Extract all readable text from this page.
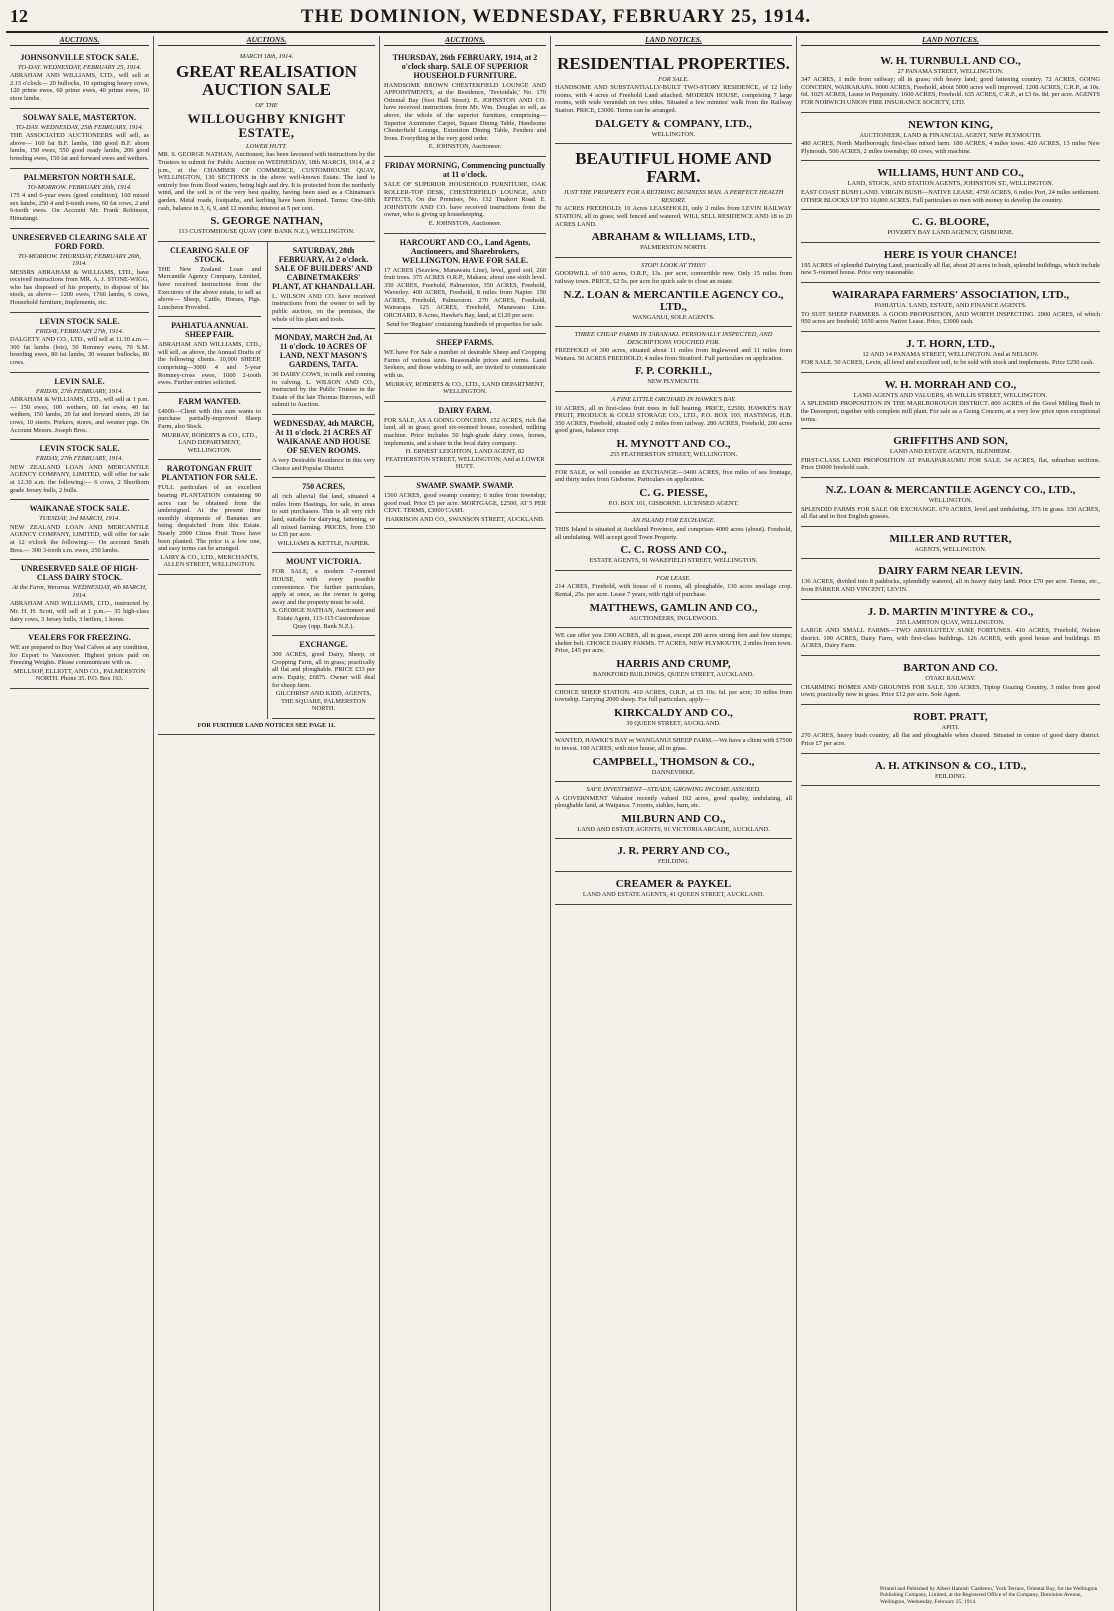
12	THE DOMINION, WEDNESDAY, FEBRUARY 25, 1914.
AUCTIONS.
JOHNSONVILLE STOCK SALE.
TO-DAY. WEDNESDAY, FEBRUARY 25, 1914.

ABRAHAM AND WILLIAMS, LTD., will sell at 2.15 o'clock— 20 bullocks, 10 springing heavy cows, 120 prime ewes, 60 prime ewes, 40 prime ewes, 10 store lambs.

SOLWAY SALE, MASTERTON.
TO-DAY. WEDNESDAY, 25th FEBRUARY, 1914.

THE ASSOCIATED AUCTIONEERS will sell, as above— 160 fat B.F. lambs, 180 good B.F. shorn lambs, 150 ewes, 550 good ready lambs, 200 good breeding ewes, 150 fat and forward ewes and wethers.

PALMERSTON NORTH SALE.
TO-MORROW. FEBRUARY 26th, 1914.

175 4 and 6-year ewes (good condition), 160 mixed sex lambs, 250 4 and 6-tooth ewes, 60 fat cows, 2 and 6-tooth ewes. On Account Mr. Frank Robinson, Himatangi.

UNRESERVED CLEARING SALE AT FORD FORD.
TO-MORROW. THURSDAY, FEBRUARY 26th, 1914.

MESSRS ABRAHAM & WILLIAMS, LTD., have received instructions from MR. A. J. STONE-WIGG, who has disposed of his property, to dispose of his stock, as above— 1200 ewes, 1760 lambs, 6 cows, Household furniture, Implements, etc.

LEVIN STOCK SALE.
FRIDAY, FEBRUARY 27th, 1914.

DALGETY AND CO., LTD., will sell at 11.30 a.m.— 300 fat lambs (lots), 50 Romney ewes, 70 S.M. breeding ewes, 80 fat lambs, 30 weaner bullocks, 80 cows.

LEVIN SALE.
FRIDAY, 27th FEBRUARY, 1914.

ABRAHAM & WILLIAMS, LTD., will sell at 1 p.m.— 150 ewes, 100 wethers, 60 fat ewes, 40 fat wethers, 150 lambs, 20 fat and forward steers, 20 fat cows, 10 steers. Porkers, stores, and weaner pigs. On Account Messrs. Joseph Bros.

LEVIN STOCK SALE.
FRIDAY, 27th FEBRUARY, 1914.

NEW ZEALAND LOAN AND MERCANTILE AGENCY COMPANY, LIMITED, will offer for sale at 12.30 a.m. the following:— 6 cows, 2 Shorthorn grade Jersey bulls, 2 bulls.

WAIKANAE STOCK SALE.
TUESDAY, 3rd MARCH, 1914.

NEW ZEALAND LOAN AND MERCANTILE AGENCY COMPANY, LIMITED, will offer for sale at 12 o'clock the following:— On account Smith Bros.— 300 3-tooth s.m. ewes, 250 lambs.

UNRESERVED SALE OF HIGH-CLASS DAIRY STOCK.
At the Farm, Weraroa. WEDNESDAY, 4th MARCH, 1914.

ABRAHAM AND WILLIAMS, LTD., instructed by Mr. H. H. Scott, will sell at 1 p.m.— 35 high-class dairy cows, 3 Jersey bulls, 3 heifers, 1 horse.

VEALERS FOR FREEZING.

WE are prepared to Buy Veal Calves at any condition, for Export to Vancouver. Highest prices paid on Freezing Weights. Please communicate with us.

MELLSOP, ELLIOTT, AND CO., PALMERSTON NORTH. Phone 35. P.O. Box 163.
AUCTIONS.
MARCH 18th, 1914.
GREAT REALISATION AUCTION SALE
OF THE
WILLOUGHBY KNIGHT ESTATE,
LOWER HUTT.

MR. S. GEORGE NATHAN, Auctioneer, has been favoured with instructions by the Trustees to submit for Public Auction on WEDNESDAY, 18th MARCH, 1914, at 2 p.m., at the CHAMBER OF COMMERCE, CUSTOMHOUSE QUAY, WELLINGTON, 130 SECTIONS in the above well-known Estate. The land is entirely free from flood waters, being high and dry. It is protected from the northerly wind, and the soil is of the very best quality, having been used as a Chinaman's garden. Metal roads, footpaths, and kerbing have been formed. Terms: One-fifth cash, balance in 3, 6, 9, and 12 months; interest at 5 per cent.

S. GEORGE NATHAN,
113 CUSTOMHOUSE QUAY (OPP. BANK N.Z.), WELLINGTON.
CLEARING SALE OF STOCK.

THE New Zealand Loan and Mercantile Agency Company, Limited, have received instructions from the Executors of the above estate, to sell as above— Sheep, Cattle, Horses, Pigs. Luncheon Provided.

PAHIATUA ANNUAL SHEEP FAIR.

ABRAHAM AND WILLIAMS, LTD., will sell, as above, the Annual Drafts of the following clients. 10,000 SHEEP, comprising—3000 4 and 5-year Romney-cross ewes, 1000 2-tooth ewes. Further entries solicited.

FARM WANTED.

£4000—Client with this sum wants to purchase partially-improved Sheep Farm, also Stock.

MURRAY, ROBERTS & CO., LTD., LAND DEPARTMENT, WELLINGTON.
RAROTONGAN FRUIT PLANTATION FOR SALE.

FULL particulars of an excellent bearing PLANTATION containing 90 acres can be obtained from the undersigned. At the present time monthly shipments of Bananas are being despatched from this Estate. Nearly 2000 Citrus Fruit Trees have been planted. The price is a low one, and easy terms can be arranged.

LAIRY & CO., LTD., MERCHANTS, ALLEN STREET, WELLINGTON.
SATURDAY, 28th FEBRUARY, At 2 o'clock. SALE OF BUILDERS' AND CABINETMAKERS' PLANT, AT KHANDALLAH.

L. WILSON AND CO. have received instructions from the owner to sell by public auction, on the premises, the whole of his plant and tools.

MONDAY, MARCH 2nd, At 11 o'clock. 10 ACRES OF LAND, NEXT MASON'S GARDENS, TAITA.

30 DAIRY COWS, in milk and coming to calving. L. WILSON AND CO., instructed by the Public Trustee in the Estate of the late Thomas Burrows, will submit to Auction.

WEDNESDAY, 4th MARCH, At 11 o'clock. 21 ACRES AT WAIKANAE AND HOUSE OF SEVEN ROOMS.

A very Desirable Residence in this very Choice and Popular District.

750 ACRES,

all rich alluvial flat land, situated 4 miles from Hastings, for sale, in areas to suit purchasers. This is all very rich land, suitable for dairying, fattening, or all mixed farming. PRICES, from £30 to £35 per acre.

WILLIAMS & KETTLE, NAPIER.
MOUNT VICTORIA.

FOR SALE, a modern 7-roomed HOUSE, with every possible convenience. For further particulars, apply at once, as the owner is going away and the property must be sold.

S. GEORGE NATHAN, Auctioneer and Estate Agent, 113-115 Customhouse Quay (opp. Bank N.Z.).
EXCHANGE.

300 ACRES, good Dairy, Sheep, or Cropping Farm, all in grass; practically all flat and ploughable. PRICE £33 per acre. Equity, £6875. Owner will deal for sheep farm.

GILCHRIST AND KIDD, AGENTS, THE SQUARE, PALMERSTON NORTH.
FOR FURTHER LAND NOTICES SEE PAGE 11.
AUCTIONS.
THURSDAY, 26th FEBRUARY, 1914, at 2 o'clock sharp. SALE OF SUPERIOR HOUSEHOLD FURNITURE.

HANDSOME BROWN CHESTERFIELD LOUNGE AND APPOINTMENTS, at the Residence, 'Teviotdale,' No. 170 Oriental Bay (foot Hall Street). E. JOHNSTON AND CO. have received instructions from Mr. Wm. Douglas to sell, as above, the whole of the superior furniture, comprising— Superior Axminster Carpet, Square Dining Table, Handsome Chesterfield Lounge, Extension Dining Table, Fenders and Irons. Everything in the very good order.

E. JOHNSTON, Auctioneer.
FRIDAY MORNING, Commencing punctually at 11 o'clock.

SALE OF SUPERIOR HOUSEHOLD FURNITURE, OAK ROLLER-TOP DESK, CHESTERFIELD LOUNGE, AND EFFECTS, On the Premises, No. 132 Tinakori Road. E. JOHNSTON AND CO. have received instructions from the owner, who is giving up housekeeping.

E. JOHNSTON, Auctioneer.
HARCOURT AND CO., Land Agents, Auctioneers, and Sharebrokers, WELLINGTON. HAVE FOR SALE.

17 ACRES (Seaview, Manawatu Line), level, good soil, 260 fruit trees. 375 ACRES O.R.P., Makara, about one-sixth level. 350 ACRES, Freehold, Palmerston, 350 ACRES, Freehold, Waverley. 400 ACRES, Freehold, 8 miles from Napier. 150 ACRES, Freehold, Palmerston. 270 ACRES, Freehold, Wairarapa. 125 ACRES, Freehold, Manawatu Line. ORCHARD, 8 Acres, Hawke's Bay, land, at £120 per acre.

Send for 'Register' containing hundreds of properties for sale.
SHEEP FARMS.

WE have For Sale a number of desirable Sheep and Cropping Farms of various sizes. Reasonable prices and terms. Land Seekers, and those wishing to sell, are invited to communicate with us.

MURRAY, ROBERTS & CO., LTD., LAND DEPARTMENT, WELLINGTON.
DAIRY FARM.

FOR SALE, AS A GOING CONCERN. 152 ACRES, rich flat land, all in grass; good six-roomed house, cowshed, milking machine. Price includes 50 high-grade dairy cows, horses, implements, and a share in the local dairy company.

H. ERNEST LEIGHTON, LAND AGENT, 82 FEATHERSTON STREET, WELLINGTON; And at LOWER HUTT.
SWAMP. SWAMP. SWAMP.

1560 ACRES, good swamp country; 6 miles from township; good road. Price £5 per acre. MORTGAGE, £2500, AT 5 PER CENT. TERMS, £3000 CASH.

HARRISON AND CO., SWANSON STREET, AUCKLAND.
LAND NOTICES.
RESIDENTIAL PROPERTIES.
FOR SALE.

HANDSOME AND SUBSTANTIALLY-BUILT TWO-STORY RESIDENCE, of 12 lofty rooms, with 4 acres of Freehold Land attached. MODERN HOUSE, comprising 7 large rooms, with wide verandah on two sides. Situated a few minutes' walk from the Railway Station. PRICE, £3000. Terms can be arranged.

DALGETY & COMPANY, LTD.,
WELLINGTON.
BEAUTIFUL HOME AND FARM.
JUST THE PROPERTY FOR A RETIRING BUSINESS MAN. A PERFECT HEALTH RESORT.

70 ACRES FREEHOLD; 10 Acres LEASEHOLD, only 2 miles from LEVIN RAILWAY STATION, all in grass; well fenced and watered. WILL SELL RESIDENCE AND 18 to 20 ACRES LAND.

ABRAHAM & WILLIAMS, LTD.,
PALMERSTON NORTH.
STOP! LOOK AT THIS!!

GOODWILL of 610 acres, O.R.P., 13s. per acre, convertible now. Only 15 miles from railway town. PRICE, £2 5s. per acre for quick sale to close an estate.

N.Z. LOAN & MERCANTILE AGENCY CO., LTD.,
WANGANUI, SOLE AGENTS.
THREE CHEAP FARMS IN TARANAKI. PERSONALLY INSPECTED, AND DESCRIPTIONS VOUCHED FOR.

FREEHOLD of 300 acres, situated about 11 miles from Inglewood and 11 miles from Waitara. 50 ACRES FREEHOLD; 4 miles from Stratford. Full particulars on application.

F. P. CORKILL,
NEW PLYMOUTH.
A FINE LITTLE ORCHARD IN HAWKE'S BAY.

10 ACRES, all in first-class fruit trees in full bearing. PRICE, £2500. HAWKE'S BAY FRUIT, PRODUCE & COLD STORAGE CO., LTD., P.O. BOX 103, HASTINGS, H.B. 350 ACRES, Freehold, situated only 2 miles from railway. 280 ACRES, Freehold, 200 acres good grass, balance crop.

H. MYNOTT AND CO.,
255 FEATHERSTON STREET, WELLINGTON.

FOR SALE, or will consider an EXCHANGE—3400 ACRES, five miles of sea frontage, and thirty miles from Gisborne. Particulars on application.

C. G. PIESSE,
P.O. BOX 161, GISBORNE. LICENSED AGENT.
AN ISLAND FOR EXCHANGE.

THIS Island is situated at Auckland Province, and comprises 4000 acres (about). Freehold, all undulating. Will accept good Town Property.

C. C. ROSS AND CO.,
ESTATE AGENTS, 91 WAKEFIELD STREET, WELLINGTON.
FOR LEASE.

214 ACRES, Freehold, with house of 6 rooms, all ploughable, 130 acres ensilage crop. Rental, 25s. per acre. Lease 7 years, with right of purchase.

MATTHEWS, GAMLIN AND CO.,
AUCTIONEERS, INGLEWOOD.

WE can offer you 2300 ACRES, all in grass, except 200 acres strong fern and few stumps; shelter belt. CHOICE DAIRY FARMS. 77 ACRES, NEW PLYMOUTH, 2 miles from town. Price, £45 per acre.

HARRIS AND CRUMP,
BANKFORD BUILDINGS, QUEEN STREET, AUCKLAND.

CHOICE SHEEP STATION. 410 ACRES, O.R.P., at £5 10s. 6d. per acre; 10 miles from township. Carrying 2000 sheep. For full particulars, apply—

KIRKCALDY AND CO.,
39 QUEEN STREET, AUCKLAND.

WANTED, HAWKE'S BAY or WANGANUI SHEEP FARM.—We have a client with £7500 to invest. 100 ACRES, with nice house, all in grass.

CAMPBELL, THOMSON & CO.,
DANNEVIRKE.
SAFE INVESTMENT—STEADY, GROWING INCOME ASSURED.

A GOVERNMENT Valuator recently valued 192 acres, good quality, undulating, all ploughable land, at Waipawa. 7 rooms, stables, barn, etc.

MILBURN AND CO.,
LAND AND ESTATE AGENTS, 91 VICTORIA ARCADE, AUCKLAND.
J. R. PERRY AND CO.,
FEILDING.
CREAMER & PAYKEL
LAND AND ESTATE AGENTS, 41 QUEEN STREET, AUCKLAND.
LAND NOTICES.
W. H. TURNBULL AND CO.,
27 PANAMA STREET, WELLINGTON.

347 ACRES, 1 mile from railway; all in grass; rich heavy land; good fattening country. 72 ACRES, GOING CONCERN, WAIRARAPA. 9000 ACRES, Freehold, about 5000 acres well improved. 1208 ACRES, C.R.P., at 10s. 6d. 1025 ACRES, Lease in Perpetuity. 1600 ACRES, Freehold. 635 ACRES, C.R.P., at £3 6s. 8d. per acre. AGENTS FOR NORWICH UNION FIRE INSURANCE SOCIETY, LTD.

NEWTON KING,
AUCTIONEER, LAND & FINANCIAL AGENT, NEW PLYMOUTH.

480 ACRES, North Marlborough; first-class mixed farm. 180 ACRES, 4 miles town. 420 ACRES, 13 miles New Plymouth. 500 ACRES, 2 miles township; 60 cows, with machine.

WILLIAMS, HUNT AND CO.,
LAND, STOCK, AND STATION AGENTS, JOHNSTON ST., WELLINGTON.

EAST COAST BUSH LAND. VIRGIN BUSH—NATIVE LEASE. 4750 ACRES, 6 miles Port, 24 miles settlement. OTHER BLOCKS UP TO 10,000 ACRES. Full particulars to men with money to develop the country.

C. G. BLOORE,
POVERTY BAY LAND AGENCY, GISBORNE.
HERE IS YOUR CHANCE!

195 ACRES of splendid Dairying Land, practically all flat, about 20 acres in bush, splendid buildings, which include new 5-roomed house. Price very reasonable.

WAIRARAPA FARMERS' ASSOCIATION, LTD.,
PAHIATUA. LAND, ESTATE, AND FINANCE AGENTS.

TO SUIT SHEEP FARMERS. A GOOD PROPOSITION, AND WORTH INSPECTING. 2900 ACRES, of which 950 acres are freehold; 1650 acres Native Lease. Price, £3000 cash.

J. T. HORN, LTD.,
12 AND 14 PANAMA STREET, WELLINGTON. And at NELSON.

FOR SALE. 50 ACRES, Levin, all level and excellent soil, to be sold with stock and implements. Price £250 cash.

W. H. MORRAH AND CO.,
LAND AGENTS AND VALUERS, 45 WILLIS STREET, WELLINGTON.

A SPLENDID PROPOSITION IN THE MARLBOROUGH DISTRICT. 800 ACRES of the Good Milling Bush in the Davenport, together with complete mill plant. For sale as a Going Concern, at a very low price upon exceptional terms.

GRIFFITHS AND SON,
LAND AND ESTATE AGENTS, BLENHEIM.

FIRST-CLASS LAND PROPOSITION AT PARAPARAUMU FOR SALE. 34 ACRES, flat, suburban sections. Price £6000 freehold cash.

N.Z. LOAN & MERCANTILE AGENCY CO., LTD.,
WELLINGTON.

SPLENDID FARMS FOR SALE OR EXCHANGE. 670 ACRES, level and undulating, 375 in grass. 330 ACRES, all flat and in first English grasses.

MILLER AND RUTTER,
AGENTS, WELLINGTON.
DAIRY FARM NEAR LEVIN.

136 ACRES, divided into 8 paddocks, splendidly watered, all in heavy dairy land. Price £70 per acre. Terms, etc., from PARKER AND VINCENT, LEVIN.

J. D. MARTIN M'INTYRE & CO.,
255 LAMBTON QUAY, WELLINGTON.

LARGE AND SMALL FARMS—TWO ABSOLUTELY SURE FORTUNES. 410 ACRES, Freehold, Nelson district. 190 ACRES, Dairy Farm, with first-class buildings. 126 ACRES, with good house and buildings. 85 ACRES, Dairy Farm.

BARTON AND CO.
OTAKI RAILWAY.

CHARMING HOMES AND GROUNDS FOR SALE. 530 ACRES, Tiptop Grazing Country, 3 miles from good town; practically now in grass. Price £12 per acre. Sole Agent.

ROBT. PRATT,
APITI.

270 ACRES, heavy bush country, all flat and ploughable when cleared. Situated in centre of good dairy district. Price £7 per acre.

A. H. ATKINSON & CO., LTD.,
FEILDING.
Printed and Published by Albert Hamish 'Castleton,' York Terrace, Oriental Bay, for the Wellington Publishing Company, Limited, at the Registered Office of the Company, Dominion Avenue, Wellington, Wednesday, February 25, 1914.
